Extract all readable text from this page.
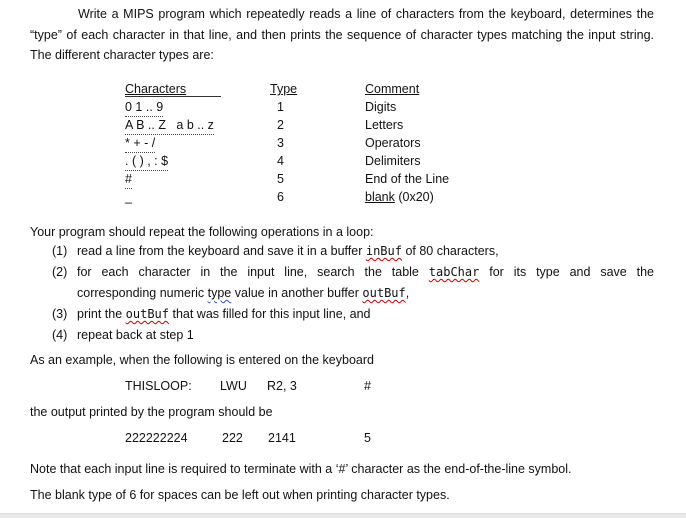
Write a MIPS program which repeatedly reads a line of characters from the keyboard, determines the “type” of each character in that line, and then prints the sequence of character types matching the input string. The different character types are:
Characters	Type	Comment
0 1 .. 9	1	Digits
A B .. Z   a b .. z	2	Letters
* + - /	3	Operators
. ( ) , : $	4	Delimiters
#	5	End of the Line
_	6	blank (0x20)
Your program should repeat the following operations in a loop:
(1) read a line from the keyboard and save it in a buffer inBuf of 80 characters,
(2) for each character in the input line, search the table tabChar for its type and save the
corresponding numeric type value in another buffer outBuf,
(3) print the outBuf that was filled for this input line, and
(4) repeat back at step 1
As an example, when the following is entered on the keyboard
THISLOOP: LWU R2, 3	#
the output printed by the program should be
222222224	222 2141	5
Note that each input line is required to terminate with a ‘#’ character as the end-of-the-line symbol.
The blank type of 6 for spaces can be left out when printing character types.
